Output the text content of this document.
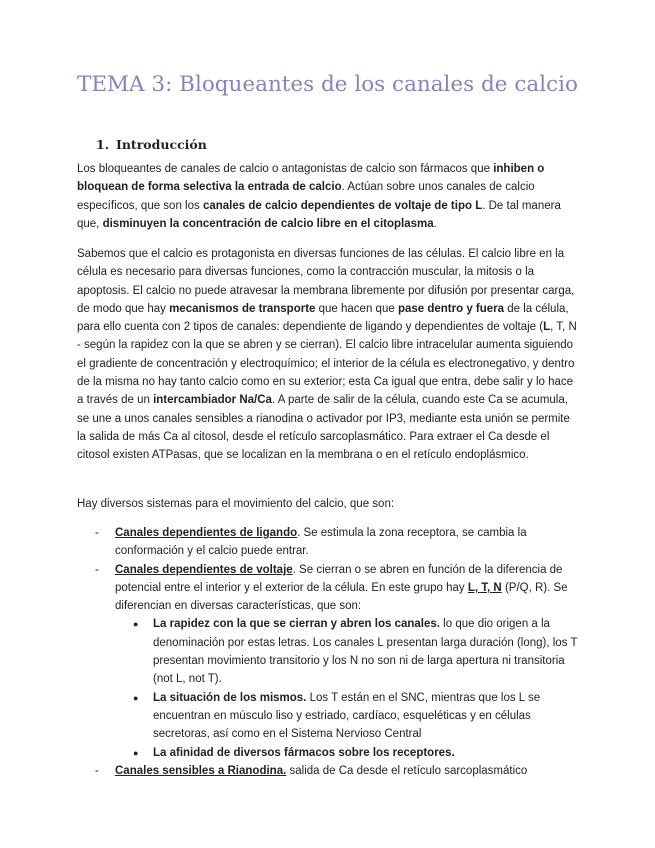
TEMA 3: Bloqueantes de los canales de calcio
1. Introducción

Los bloqueantes de canales de calcio o antagonistas de calcio son fármacos que inhiben o bloquean de forma selectiva la entrada de calcio. Actúan sobre unos canales de calcio específicos, que son los canales de calcio dependientes de voltaje de tipo L. De tal manera que, disminuyen la concentración de calcio libre en el citoplasma.

Sabemos que el calcio es protagonista en diversas funciones de las células. El calcio libre en la célula es necesario para diversas funciones, como la contracción muscular, la mitosis o la apoptosis. El calcio no puede atravesar la membrana libremente por difusión por presentar carga, de modo que hay mecanismos de transporte que hacen que pase dentro y fuera de la célula, para ello cuenta con 2 tipos de canales: dependiente de ligando y dependientes de voltaje (L, T, N - según la rapidez con la que se abren y se cierran). El calcio libre intracelular aumenta siguiendo el gradiente de concentración y electroquímico; el interior de la célula es electronegativo, y dentro de la misma no hay tanto calcio como en su exterior; esta Ca igual que entra, debe salir y lo hace a través de un intercambiador Na/Ca. A parte de salir de la célula, cuando este Ca se acumula, se une a unos canales sensibles a rianodina o activador por IP3, mediante esta unión se permite la salida de más Ca al citosol, desde el retículo sarcoplasmático. Para extraer el Ca desde el citosol existen ATPasas, que se localizan en la membrana o en el retículo endoplásmico.

Hay diversos sistemas para el movimiento del calcio, que son:

- Canales dependientes de ligando. Se estimula la zona receptora, se cambia la conformación y el calcio puede entrar.
- Canales dependientes de voltaje. Se cierran o se abren en función de la diferencia de potencial entre el interior y el exterior de la célula. En este grupo hay L, T, N (P/Q, R). Se diferencian en diversas características, que son:
● La rapidez con la que se cierran y abren los canales. lo que dio origen a la denominación por estas letras. Los canales L presentan larga duración (long), los T presentan movimiento transitorio y los N no son ni de larga apertura ni transitoria (not L, not T).
● La situación de los mismos. Los T están en el SNC, mientras que los L se encuentran en músculo liso y estriado, cardíaco, esqueléticas y en células secretoras, así como en el Sistema Nervioso Central
● La afinidad de diversos fármacos sobre los receptores.
- Canales sensibles a Rianodina. salida de Ca desde el retículo sarcoplasmático
